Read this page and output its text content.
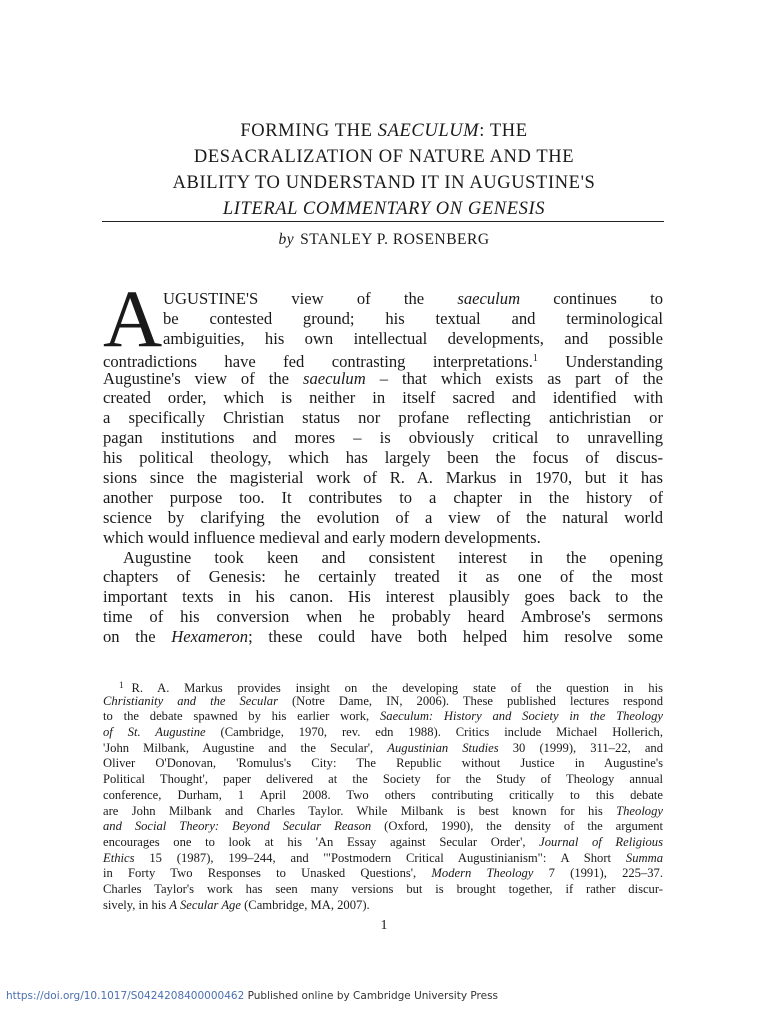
FORMING THE SAECULUM: THE
DESACRALIZATION OF NATURE AND THE
ABILITY TO UNDERSTAND IT IN AUGUSTINE'S
LITERAL COMMENTARY ON GENESIS
by STANLEY P. ROSENBERG
A UGUSTINE'S view of the saeculum continues to
be contested ground; his textual and terminological
ambiguities, his own intellectual developments, and possible
contradictions have fed contrasting interpretations.$^1$ Understanding
Augustine's view of the saeculum – that which exists as part of the
created order, which is neither in itself sacred and identified with
a specifically Christian status nor profane reflecting antichristian or
pagan institutions and mores – is obviously critical to unravelling
his political theology, which has largely been the focus of discus-
sions since the magisterial work of R. A. Markus in 1970, but it has
another purpose too. It contributes to a chapter in the history of
science by clarifying the evolution of a view of the natural world
which would influence medieval and early modern developments.
Augustine took keen and consistent interest in the opening
chapters of Genesis: he certainly treated it as one of the most
important texts in his canon. His interest plausibly goes back to the
time of his conversion when he probably heard Ambrose's sermons
on the Hexameron; these could have both helped him resolve some
$^1$ R. A. Markus provides insight on the developing state of the question in his
Christianity and the Secular (Notre Dame, IN, 2006). These published lectures respond
to the debate spawned by his earlier work, Saeculum: History and Society in the Theology
of St. Augustine (Cambridge, 1970, rev. edn 1988). Critics include Michael Hollerich,
'John Milbank, Augustine and the Secular', Augustinian Studies 30 (1999), 311–22, and
Oliver O'Donovan, 'Romulus's City: The Republic without Justice in Augustine's
Political Thought', paper delivered at the Society for the Study of Theology annual
conference, Durham, 1 April 2008. Two others contributing critically to this debate
are John Milbank and Charles Taylor. While Milbank is best known for his Theology
and Social Theory: Beyond Secular Reason (Oxford, 1990), the density of the argument
encourages one to look at his 'An Essay against Secular Order', Journal of Religious
Ethics 15 (1987), 199–244, and '"Postmodern Critical Augustinianism": A Short Summa
in Forty Two Responses to Unasked Questions', Modern Theology 7 (1991), 225–37.
Charles Taylor's work has seen many versions but is brought together, if rather discur-
sively, in his A Secular Age (Cambridge, MA, 2007).
1
https://doi.org/10.1017/S0424208400000462 Published online by Cambridge University Press
